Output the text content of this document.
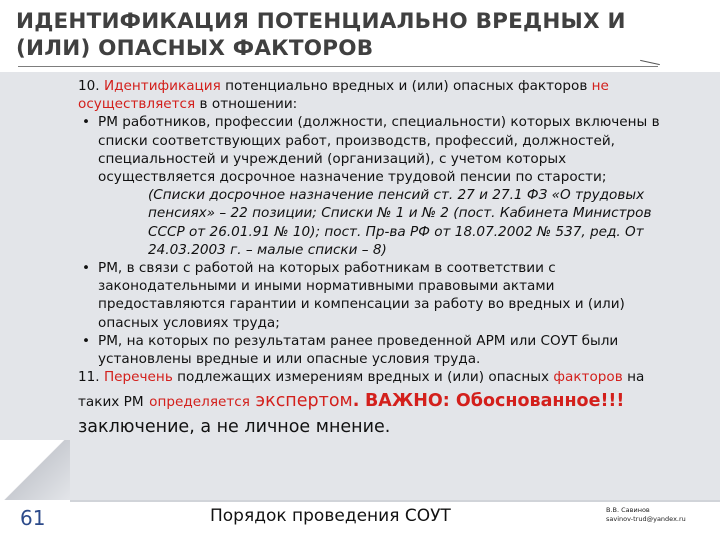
ИДЕНТИФИКАЦИЯ ПОТЕНЦИАЛЬНО ВРЕДНЫХ И
(ИЛИ) ОПАСНЫХ ФАКТОРОВ

10. Идентификация потенциально вредных и (или) опасных факторов не осуществляется в отношении:

• РМ работников, профессии (должности, специальности) которых включены в
списки соответствующих работ, производств, профессий, должностей,
специальностей и учреждений (организаций), с учетом которых
осуществляется досрочное назначение трудовой пенсии по старости;
(Списки досрочное назначение пенсий ст. 27 и 27.1 ФЗ «О трудовых
пенсиях» – 22 позиции; Списки № 1 и № 2 (пост. Кабинета Министров
СССР от 26.01.91 № 10); пост. Пр-ва РФ от 18.07.2002 № 537, ред. От
24.03.2003 г. – малые списки – 8)
• РМ, в связи с работой на которых работникам в соответствии с
законодательными и иными нормативными правовыми актами
предоставляются гарантии и компенсации за работу во вредных и (или)
опасных условиях труда;
• РМ, на которых по результатам ранее проведенной АРМ или СОУТ были
установлены вредные и или опасные условия труда.

11. Перечень подлежащих измерениям вредных и (или) опасных факторов на

таких РМ определяется экспертом. ВАЖНО: Обоснованное!!!

заключение, а не личное мнение.

61	Порядок проведения СОУТ	В.В. Савинов
savinov-trud@yandex.ru
